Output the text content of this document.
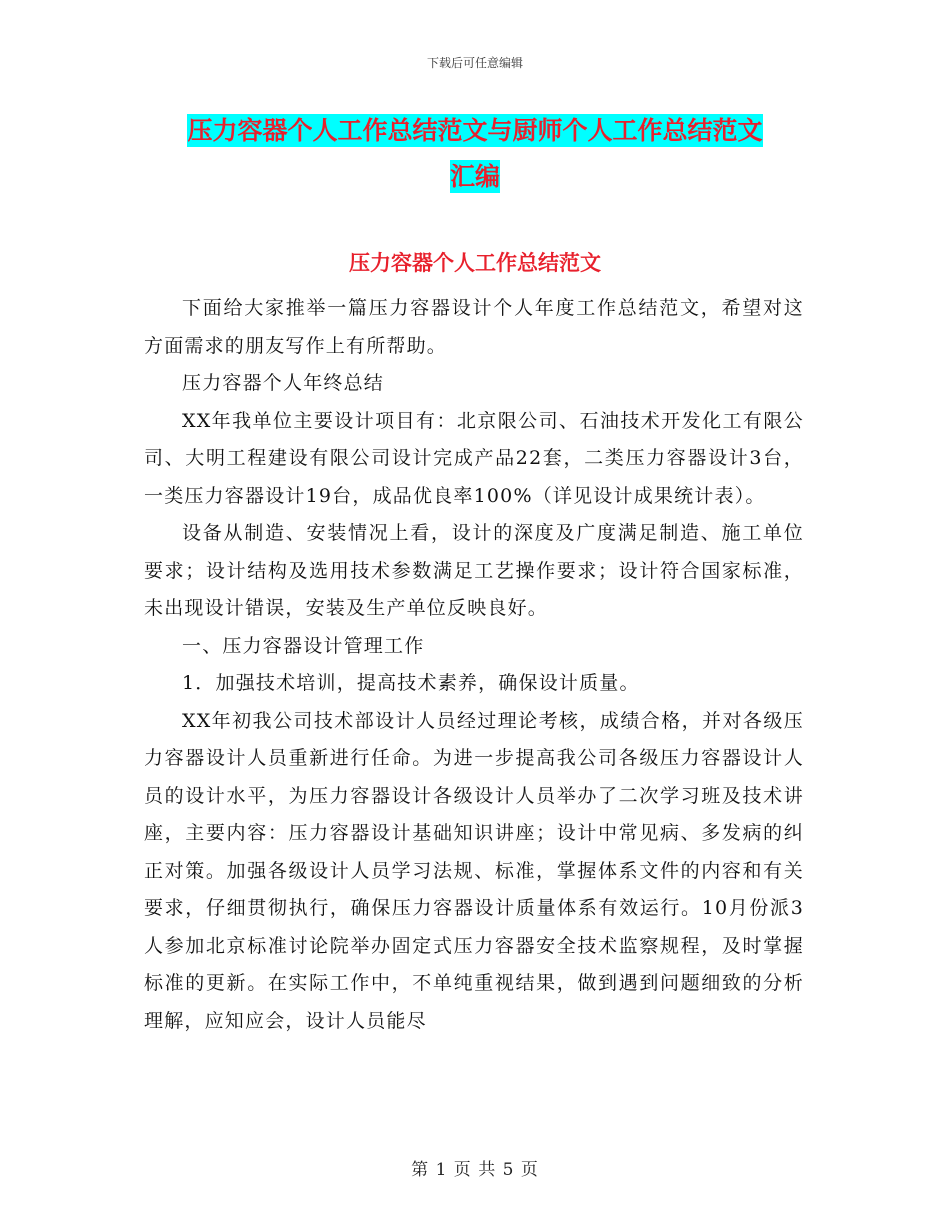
下载后可任意编辑
压力容器个人工作总结范文与厨师个人工作总结范文
汇编
压力容器个人工作总结范文

下面给大家推举一篇压力容器设计个人年度工作总结范文，希望对这方面需求的朋友写作上有所帮助。

压力容器个人年终总结

XX年我单位主要设计项目有：北京限公司、石油技术开发化工有限公司、大明工程建设有限公司设计完成产品22套，二类压力容器设计3台，一类压力容器设计19台，成品优良率100%（详见设计成果统计表）。

设备从制造、安装情况上看，设计的深度及广度满足制造、施工单位要求；设计结构及选用技术参数满足工艺操作要求；设计符合国家标准，未出现设计错误，安装及生产单位反映良好。

一、压力容器设计管理工作

1．加强技术培训，提高技术素养，确保设计质量。

XX年初我公司技术部设计人员经过理论考核，成绩合格，并对各级压力容器设计人员重新进行任命。为进一步提高我公司各级压力容器设计人员的设计水平，为压力容器设计各级设计人员举办了二次学习班及技术讲座，主要内容：压力容器设计基础知识讲座；设计中常见病、多发病的纠正对策。加强各级设计人员学习法规、标准，掌握体系文件的内容和有关要求，仔细贯彻执行，确保压力容器设计质量体系有效运行。10月份派3人参加北京标准讨论院举办固定式压力容器安全技术监察规程，及时掌握标准的更新。在实际工作中，不单纯重视结果，做到遇到问题细致的分析理解，应知应会，设计人员能尽

第 1 页 共 5 页
